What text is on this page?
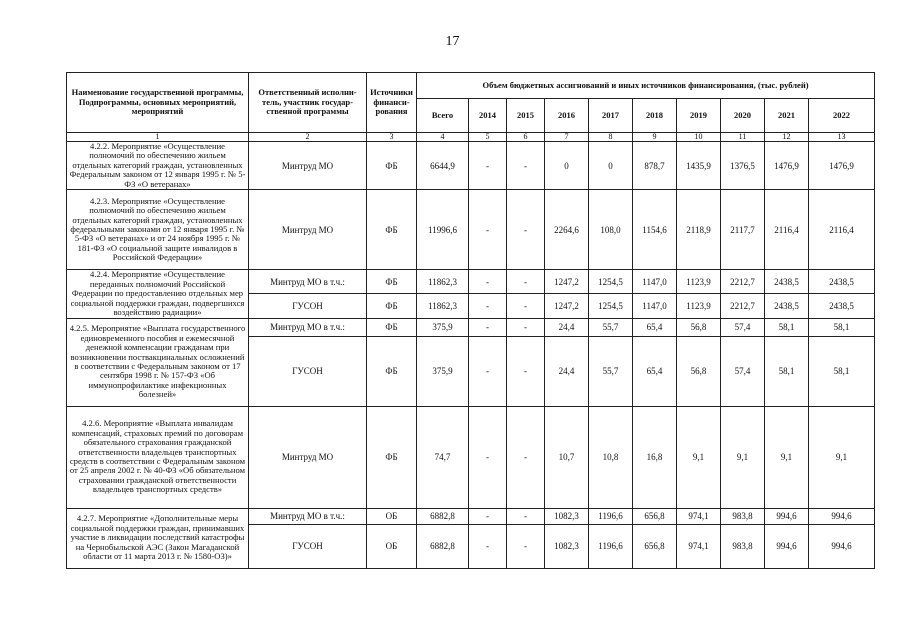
17
Наименование государственной программы, Подпрограммы, основных мероприятий, мероприятий	Ответственный исполни-тель, участник государ-ственной программы	Источники финанси-рования	Объем бюджетных ассигнований и иных источников финансирования, (тыс. рублей)									
			Всего	2014	2015	2016	2017	2018	2019	2020	2021	2022
1	2	3	4	5	6	7	8	9	10	11	12	13
4.2.2. Мероприятие «Осуществление полномочий по обеспечению жильем отдельных категорий граждан, установленных Федеральным законом от 12 января 1995 г. № 5-ФЗ «О ветеранах»	Минтруд МО	ФБ	6644,9	-	-	0	0	878,7	1435,9	1376,5	1476,9	1476,9
4.2.3. Мероприятие «Осуществление полномочий по обеспечению жильем отдельных категорий граждан, установленных федеральными законами от 12 января 1995 г. № 5-ФЗ «О ветеранах» и от 24 ноября 1995 г. № 181-ФЗ «О социальной защите инвалидов в Российской Федерации»	Минтруд МО	ФБ	11996,6	-	-	2264,6	108,0	1154,6	2118,9	2117,7	2116,4	2116,4
4.2.4. Мероприятие «Осуществление переданных полномочий Российской Федерации по предоставлению отдельных мер социальной поддержки граждан, подвергшихся воздействию радиации»	Минтруд МО в т.ч.:	ФБ	11862,3	-	-	1247,2	1254,5	1147,0	1123,9	2212,7	2438,5	2438,5
	ГУСОН	ФБ	11862,3	-	-	1247,2	1254,5	1147,0	1123,9	2212,7	2438,5	2438,5
4.2.5. Мероприятие «Выплата государственного единовременного пособия и ежемесячной денежной компенсации гражданам при возникновении поствакцинальных осложнений в соответствии с Федеральным законом от 17 сентября 1998 г. № 157-ФЗ «Об иммунопрофилактике инфекционных болезней»	Минтруд МО в т.ч.:	ФБ	375,9	-	-	24,4	55,7	65,4	56,8	57,4	58,1	58,1
	ГУСОН	ФБ	375,9	-	-	24,4	55,7	65,4	56,8	57,4	58,1	58,1
4.2.6. Мероприятие «Выплата инвалидам компенсаций, страховых премий по договорам обязательного страхования гражданской ответственности владельцев транспортных средств в соответствии с Федеральным законом от 25 апреля 2002 г. № 40-ФЗ «Об обязательном страховании гражданской ответственности владельцев транспортных средств»	Минтруд МО	ФБ	74,7	-	-	10,7	10,8	16,8	9,1	9,1	9,1	9,1
4.2.7. Мероприятие «Дополнительные меры социальной поддержки граждан, принимавших участие в ликвидации последствий катастрофы на Чернобыльской АЭС (Закон Магаданской области от 11 марта 2013 г. № 1580-ОЗ)»	Минтруд МО в т.ч.:	ОБ	6882,8	-	-	1082,3	1196,6	656,8	974,1	983,8	994,6	994,6
	ГУСОН	ОБ	6882,8	-	-	1082,3	1196,6	656,8	974,1	983,8	994,6	994,6
